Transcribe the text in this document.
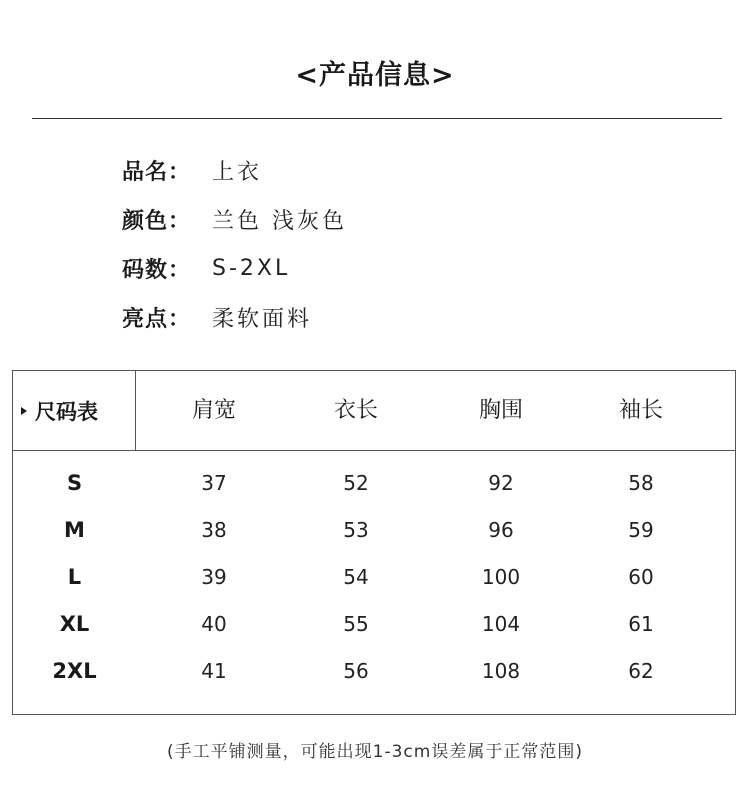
<产品信息>
品名： 上衣
颜色： 兰色 浅灰色
码数： S-2XL
亮点： 柔软面料
尺码表	肩宽	衣长	胸围	袖长
S	37	52	92	58
M	38	53	96	59
L	39	54	100	60
XL	40	55	104	61
2XL	41	56	108	62
(手工平铺测量，可能出现1-3cm误差属于正常范围)
